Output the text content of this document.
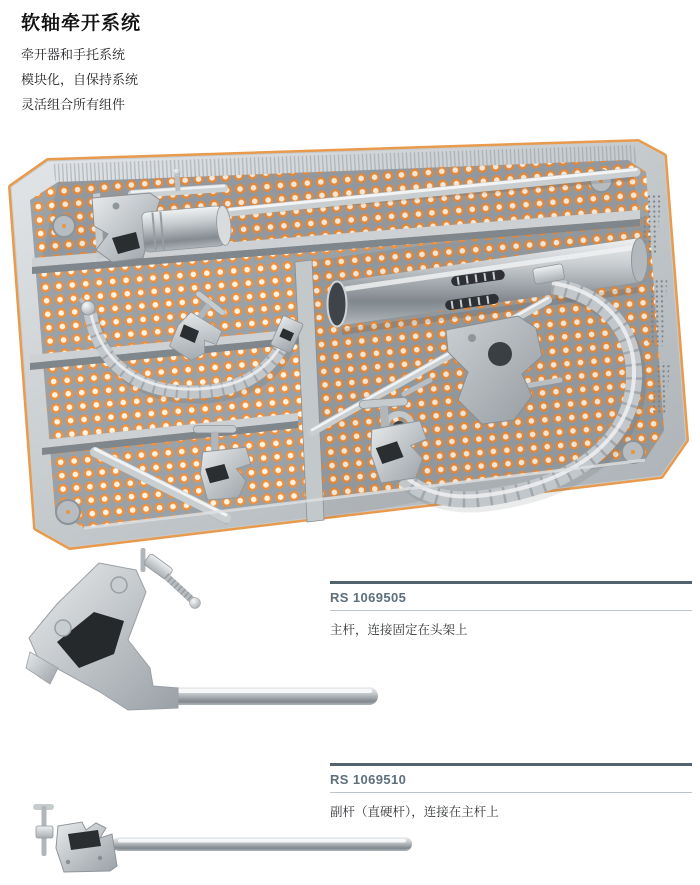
软轴牵开系统
牵开器和手托系统
模块化，自保持系统
灵活组合所有组件
RS 1069505
主杆，连接固定在头架上
RS 1069510
副杆（直硬杆），连接在主杆上
